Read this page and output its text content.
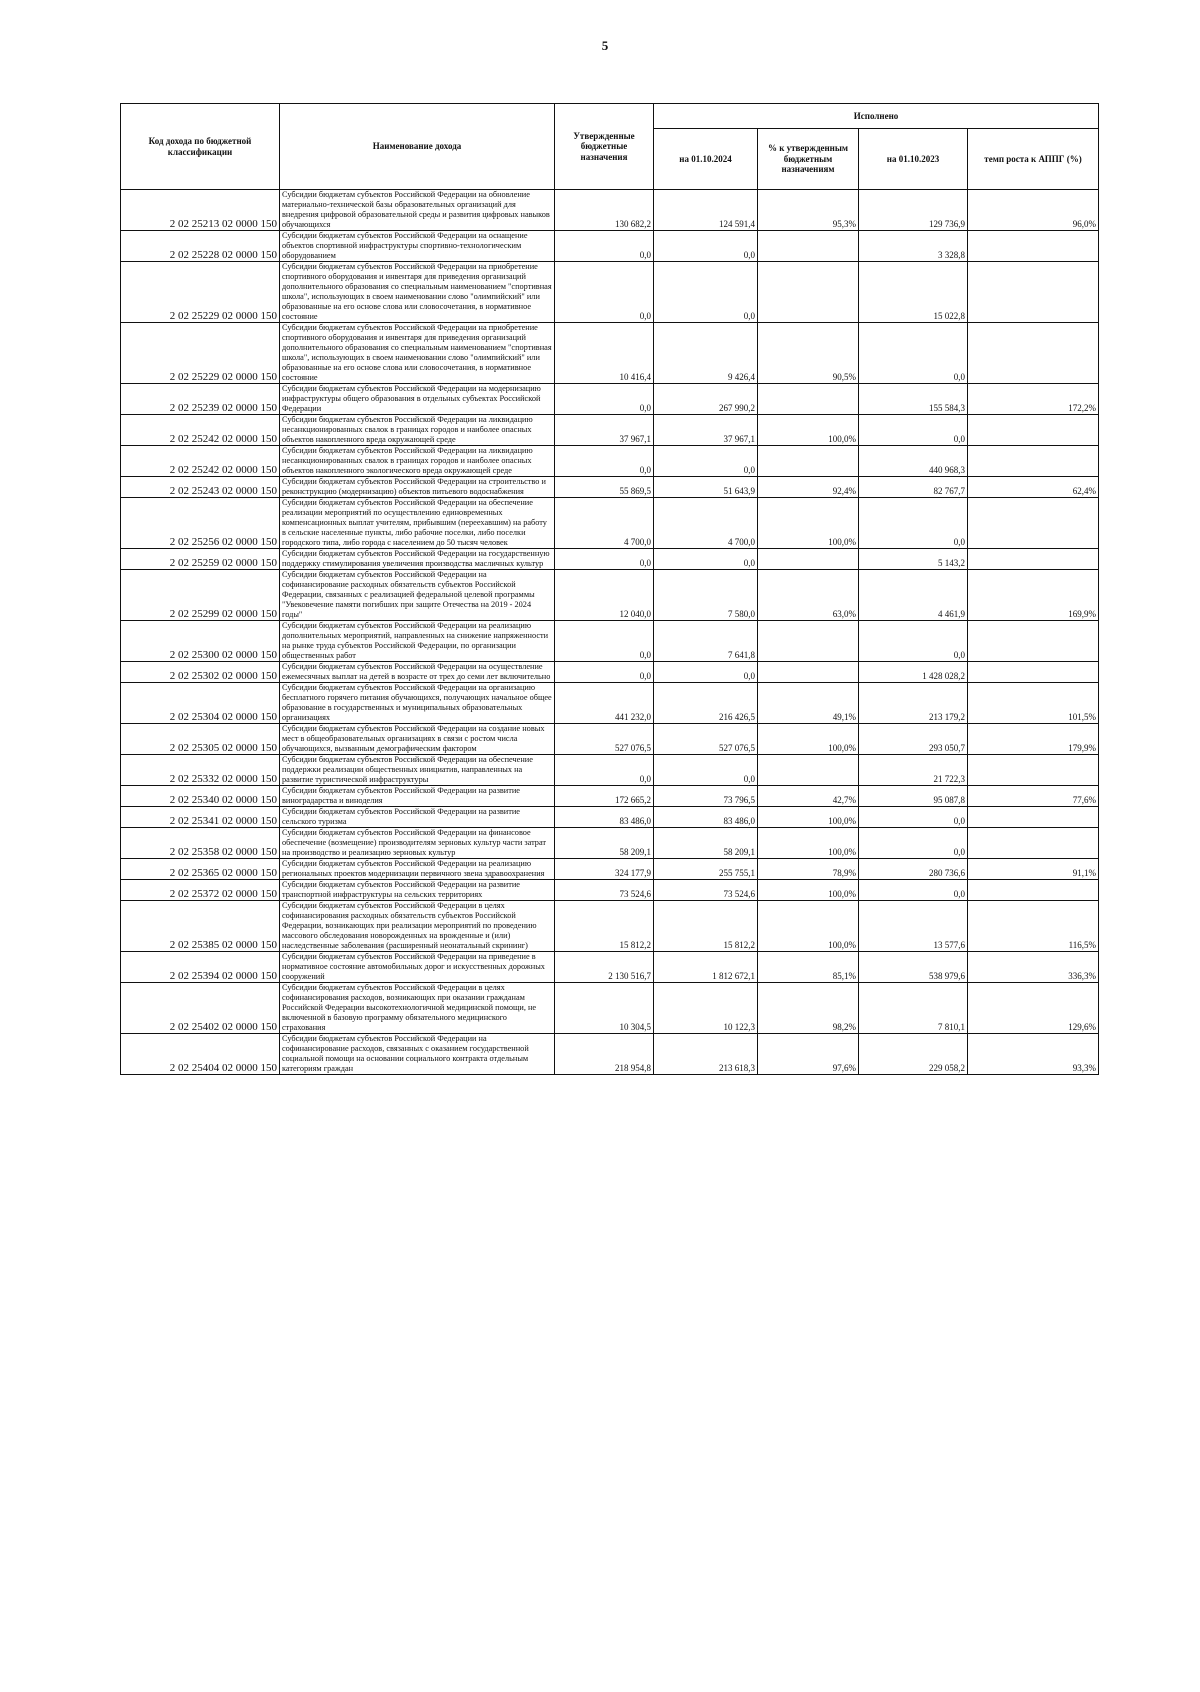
5
Код дохода по бюджетной классификации	Наименование дохода	Утвержденные бюджетные назначения	Исполнено			
			на 01.10.2024	% к утвержденным бюджетным назначениям	на 01.10.2023	темп роста к АППГ (%)
2 02 25213 02 0000 150	Субсидии бюджетам субъектов Российской Федерации на обновление материально-технической базы образовательных организаций для внедрения цифровой образовательной среды и развития цифровых навыков обучающихся	130 682,2	124 591,4	95,3%	129 736,9	96,0%
2 02 25228 02 0000 150	Субсидии бюджетам субъектов Российской Федерации на оснащение объектов спортивной инфраструктуры спортивно-технологическим оборудованием	0,0	0,0		3 328,8	
2 02 25229 02 0000 150	Субсидии бюджетам субъектов Российской Федерации на приобретение спортивного оборудования и инвентаря для приведения организаций дополнительного образования со специальным наименованием "спортивная школа", использующих в своем наименовании слово "олимпийский" или образованные на его основе слова или словосочетания, в нормативное состояние	0,0	0,0		15 022,8	
2 02 25229 02 0000 150	Субсидии бюджетам субъектов Российской Федерации на приобретение спортивного оборудования и инвентаря для приведения организаций дополнительного образования со специальным наименованием "спортивная школа", использующих в своем наименовании слово "олимпийский" или образованные на его основе слова или словосочетания, в нормативное состояние	10 416,4	9 426,4	90,5%	0,0	
2 02 25239 02 0000 150	Субсидии бюджетам субъектов Российской Федерации на модернизацию инфраструктуры общего образования в отдельных субъектах Российской Федерации	0,0	267 990,2		155 584,3	172,2%
2 02 25242 02 0000 150	Субсидии бюджетам субъектов Российской Федерации на ликвидацию несанкционированных свалок в границах городов и наиболее опасных объектов накопленного вреда окружающей среде	37 967,1	37 967,1	100,0%	0,0	
2 02 25242 02 0000 150	Субсидии бюджетам субъектов Российской Федерации на ликвидацию несанкционированных свалок в границах городов и наиболее опасных объектов накопленного экологического вреда окружающей среде	0,0	0,0		440 968,3	
2 02 25243 02 0000 150	Субсидии бюджетам субъектов Российской Федерации на строительство и реконструкцию (модернизацию) объектов питьевого водоснабжения	55 869,5	51 643,9	92,4%	82 767,7	62,4%
2 02 25256 02 0000 150	Субсидии бюджетам субъектов Российской Федерации на обеспечение реализации мероприятий по осуществлению единовременных компенсационных выплат учителям, прибывшим (переехавшим) на работу в сельские населенные пункты, либо рабочие поселки, либо поселки городского типа, либо города с населением до 50 тысяч человек	4 700,0	4 700,0	100,0%	0,0	
2 02 25259 02 0000 150	Субсидии бюджетам субъектов Российской Федерации на государственную поддержку стимулирования увеличения производства масличных культур	0,0	0,0		5 143,2	
2 02 25299 02 0000 150	Субсидии бюджетам субъектов Российской Федерации на софинансирование расходных обязательств субъектов Российской Федерации, связанных с реализацией федеральной целевой программы "Увековечение памяти погибших при защите Отечества на 2019 - 2024 годы"	12 040,0	7 580,0	63,0%	4 461,9	169,9%
2 02 25300 02 0000 150	Субсидии бюджетам субъектов Российской Федерации на реализацию дополнительных мероприятий, направленных на снижение напряженности на рынке труда субъектов Российской Федерации, по организации общественных работ	0,0	7 641,8		0,0	
2 02 25302 02 0000 150	Субсидии бюджетам субъектов Российской Федерации на осуществление ежемесячных выплат на детей в возрасте от трех до семи лет включительно	0,0	0,0		1 428 028,2	
2 02 25304 02 0000 150	Субсидии бюджетам субъектов Российской Федерации на организацию бесплатного горячего питания обучающихся, получающих начальное общее образование в государственных и муниципальных образовательных организациях	441 232,0	216 426,5	49,1%	213 179,2	101,5%
2 02 25305 02 0000 150	Субсидии бюджетам субъектов Российской Федерации на создание новых мест в общеобразовательных организациях в связи с ростом числа обучающихся, вызванным демографическим фактором	527 076,5	527 076,5	100,0%	293 050,7	179,9%
2 02 25332 02 0000 150	Субсидии бюджетам субъектов Российской Федерации на обеспечение поддержки реализации общественных инициатив, направленных на развитие туристической инфраструктуры	0,0	0,0		21 722,3	
2 02 25340 02 0000 150	Субсидии бюджетам субъектов Российской Федерации на развитие виноградарства и виноделия	172 665,2	73 796,5	42,7%	95 087,8	77,6%
2 02 25341 02 0000 150	Субсидии бюджетам субъектов Российской Федерации на развитие сельского туризма	83 486,0	83 486,0	100,0%	0,0	
2 02 25358 02 0000 150	Субсидии бюджетам субъектов Российской Федерации на финансовое обеспечение (возмещение) производителям зерновых культур части затрат на производство и реализацию зерновых культур	58 209,1	58 209,1	100,0%	0,0	
2 02 25365 02 0000 150	Субсидии бюджетам субъектов Российской Федерации на реализацию региональных проектов модернизации первичного звена здравоохранения	324 177,9	255 755,1	78,9%	280 736,6	91,1%
2 02 25372 02 0000 150	Субсидии бюджетам субъектов Российской Федерации на развитие транспортной инфраструктуры на сельских территориях	73 524,6	73 524,6	100,0%	0,0	
2 02 25385 02 0000 150	Субсидии бюджетам субъектов Российской Федерации в целях софинансирования расходных обязательств субъектов Российской Федерации, возникающих при реализации мероприятий по проведению массового обследования новорожденных на врожденные и (или) наследственные заболевания (расширенный неонатальный скрининг)	15 812,2	15 812,2	100,0%	13 577,6	116,5%
2 02 25394 02 0000 150	Субсидии бюджетам субъектов Российской Федерации на приведение в нормативное состояние автомобильных дорог и искусственных дорожных сооружений	2 130 516,7	1 812 672,1	85,1%	538 979,6	336,3%
2 02 25402 02 0000 150	Субсидии бюджетам субъектов Российской Федерации в целях софинансирования расходов, возникающих при оказании гражданам Российской Федерации высокотехнологичной медицинской помощи, не включенной в базовую программу обязательного медицинского страхования	10 304,5	10 122,3	98,2%	7 810,1	129,6%
2 02 25404 02 0000 150	Субсидии бюджетам субъектов Российской Федерации на софинансирование расходов, связанных с оказанием государственной социальной помощи на основании социального контракта отдельным категориям граждан	218 954,8	213 618,3	97,6%	229 058,2	93,3%
